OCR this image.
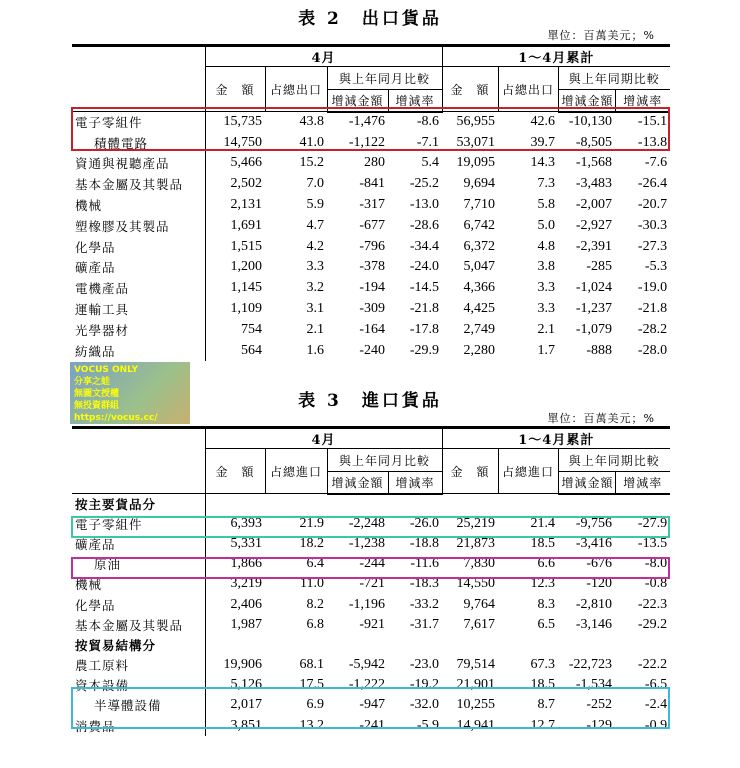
表 2　出口貨品
單位：百萬美元；%
	4月				1～4月累計			
	金　額	占總出口	與上年同月比較		金　額	占總出口	與上年同期比較	
			增減金額	增減率			增減金額	增減率
電子零組件	15,735	43.8	-1,476	-8.6	56,955	42.6	-10,130	-15.1
積體電路	14,750	41.0	-1,122	-7.1	53,071	39.7	-8,505	-13.8
資通與視聽產品	5,466	15.2	280	5.4	19,095	14.3	-1,568	-7.6
基本金屬及其製品	2,502	7.0	-841	-25.2	9,694	7.3	-3,483	-26.4
機械	2,131	5.9	-317	-13.0	7,710	5.8	-2,007	-20.7
塑橡膠及其製品	1,691	4.7	-677	-28.6	6,742	5.0	-2,927	-30.3
化學品	1,515	4.2	-796	-34.4	6,372	4.8	-2,391	-27.3
礦產品	1,200	3.3	-378	-24.0	5,047	3.8	-285	-5.3
電機產品	1,145	3.2	-194	-14.5	4,366	3.3	-1,024	-19.0
運輸工具	1,109	3.1	-309	-21.8	4,425	3.3	-1,237	-21.8
光學器材	754	2.1	-164	-17.8	2,749	2.1	-1,079	-28.2
紡織品	564	1.6	-240	-29.9	2,280	1.7	-888	-28.0
VOCUS ONLY
分享之蛙
無圖文授權
無投資群組
https://vocus.cc/
表 3　進口貨品
單位：百萬美元；%
	4月				1～4月累計			
	金　額	占總進口	與上年同月比較		金　額	占總進口	與上年同期比較	
			增減金額	增減率			增減金額	增減率
按主要貨品分								
電子零組件	6,393	21.9	-2,248	-26.0	25,219	21.4	-9,756	-27.9
礦產品	5,331	18.2	-1,238	-18.8	21,873	18.5	-3,416	-13.5
原油	1,866	6.4	-244	-11.6	7,830	6.6	-676	-8.0
機械	3,219	11.0	-721	-18.3	14,550	12.3	-120	-0.8
化學品	2,406	8.2	-1,196	-33.2	9,764	8.3	-2,810	-22.3
基本金屬及其製品	1,987	6.8	-921	-31.7	7,617	6.5	-3,146	-29.2
按貿易結構分								
農工原料	19,906	68.1	-5,942	-23.0	79,514	67.3	-22,723	-22.2
資本設備	5,126	17.5	-1,222	-19.2	21,901	18.5	-1,534	-6.5
半導體設備	2,017	6.9	-947	-32.0	10,255	8.7	-252	-2.4
消費品	3,851	13.2	-241	-5.9	14,941	12.7	-129	-0.9
